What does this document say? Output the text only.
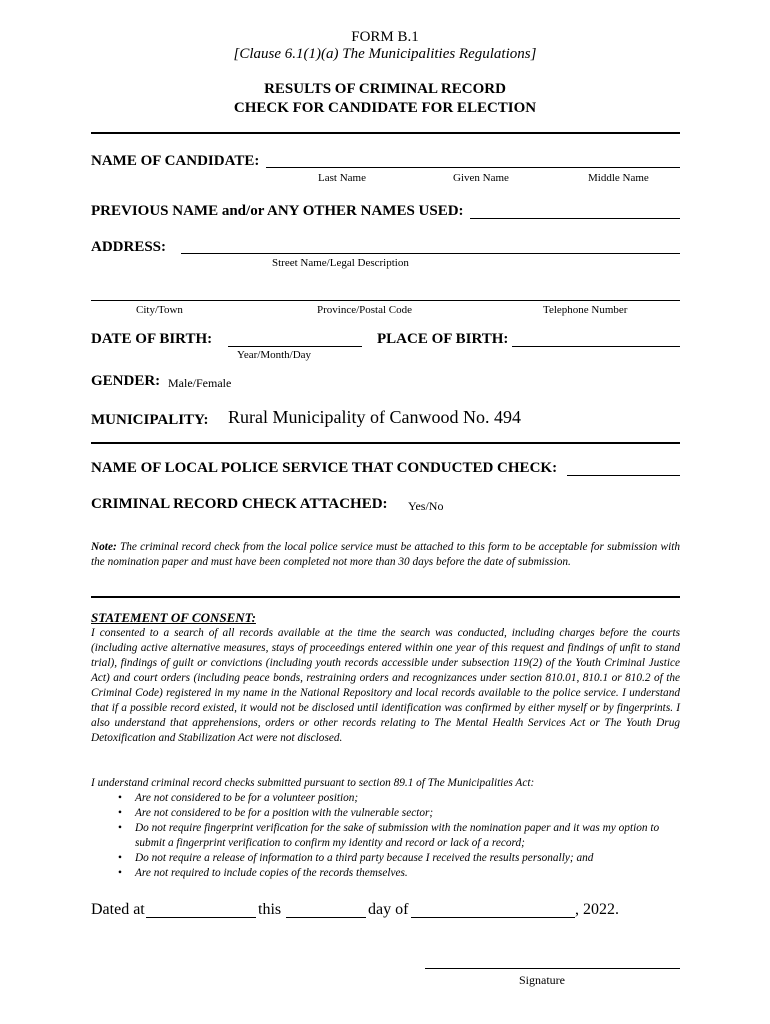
FORM B.1
[Clause 6.1(1)(a) The Municipalities Regulations]
RESULTS OF CRIMINAL RECORD
CHECK FOR CANDIDATE FOR ELECTION
NAME OF CANDIDATE:
Last Name	Given Name	Middle Name
PREVIOUS NAME and/or ANY OTHER NAMES USED:
ADDRESS:
Street Name/Legal Description
City/Town	Province/Postal Code	Telephone Number
DATE OF BIRTH:
Year/Month/Day
PLACE OF BIRTH:
GENDER: Male/Female
MUNICIPALITY: Rural Municipality of Canwood No. 494
NAME OF LOCAL POLICE SERVICE THAT CONDUCTED CHECK:
CRIMINAL RECORD CHECK ATTACHED: Yes/No
Note: The criminal record check from the local police service must be attached to this form to be acceptable for submission with the nomination paper and must have been completed not more than 30 days before the date of submission.
STATEMENT OF CONSENT:
I consented to a search of all records available at the time the search was conducted, including charges before the courts (including active alternative measures, stays of proceedings entered within one year of this request and findings of unfit to stand trial), findings of guilt or convictions (including youth records accessible under subsection 119(2) of the Youth Criminal Justice Act) and court orders (including peace bonds, restraining orders and recognizances under section 810.01, 810.1 or 810.2 of the Criminal Code) registered in my name in the National Repository and local records available to the police service. I understand that if a possible record existed, it would not be disclosed until identification was confirmed by either myself or by fingerprints. I also understand that apprehensions, orders or other records relating to The Mental Health Services Act or The Youth Drug Detoxification and Stabilization Act were not disclosed.
I understand criminal record checks submitted pursuant to section 89.1 of The Municipalities Act:
• Are not considered to be for a volunteer position;
• Are not considered to be for a position with the vulnerable sector;
• Do not require fingerprint verification for the sake of submission with the nomination paper and it was my option to submit a fingerprint verification to confirm my identity and record or lack of a record;
• Do not require a release of information to a third party because I received the results personally; and
• Are not required to include copies of the records themselves.
Dated at	this	day of	, 2022.
Signature
